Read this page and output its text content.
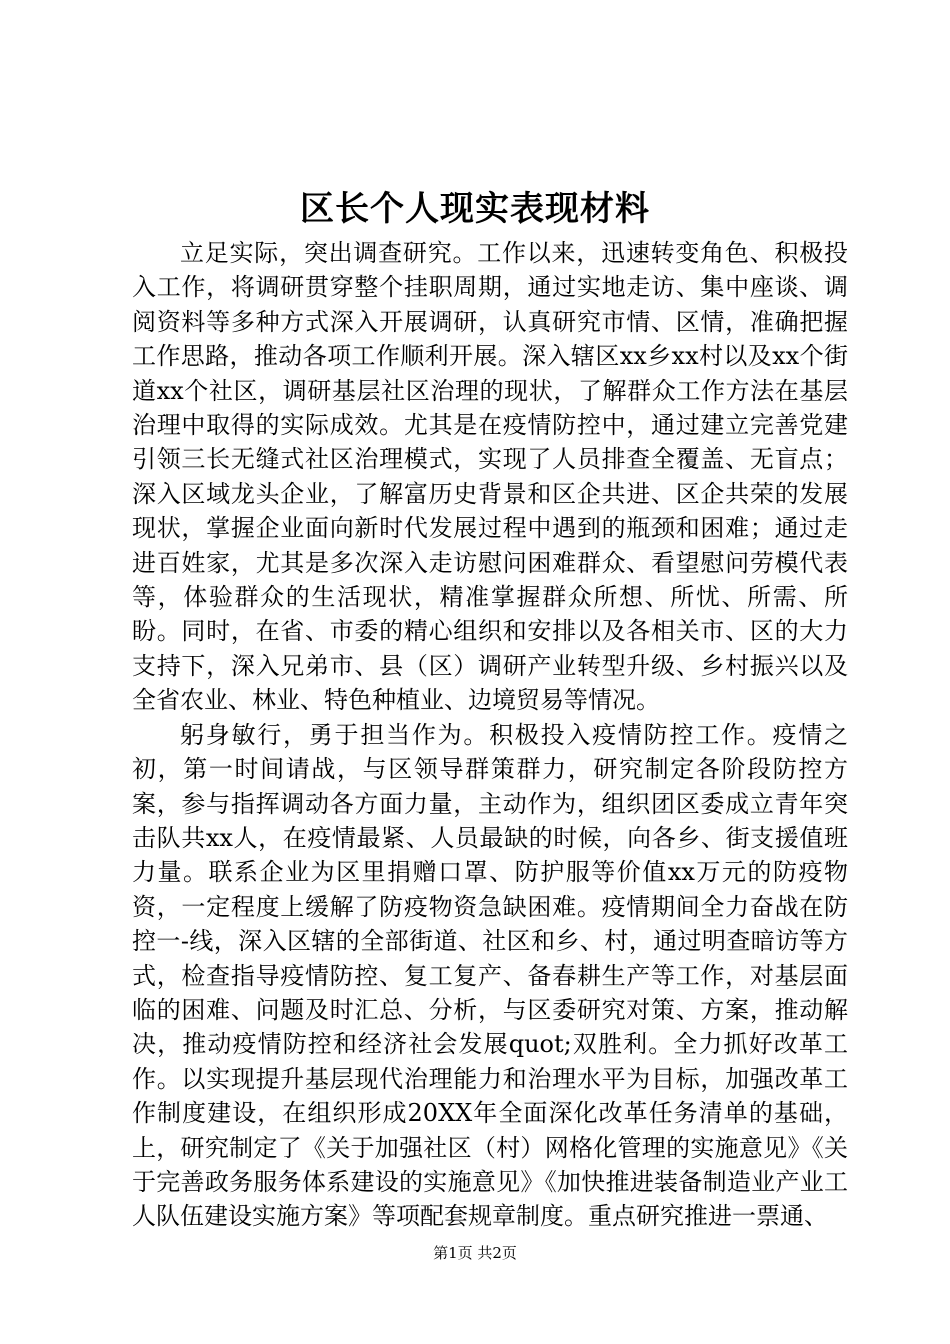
区长个人现实表现材料

立足实际，突出调查研究。工作以来，迅速转变角色、积极投入工作，将调研贯穿整个挂职周期，通过实地走访、集中座谈、调阅资料等多种方式深入开展调研，认真研究市情、区情，准确把握工作思路，推动各项工作顺利开展。深入辖区xx乡xx村以及xx个街道xx个社区，调研基层社区治理的现状，了解群众工作方法在基层治理中取得的实际成效。尤其是在疫情防控中，通过建立完善党建引领三长无缝式社区治理模式，实现了人员排查全覆盖、无盲点；深入区域龙头企业，了解富历史背景和区企共进、区企共荣的发展现状，掌握企业面向新时代发展过程中遇到的瓶颈和困难；通过走进百姓家，尤其是多次深入走访慰问困难群众、看望慰问劳模代表等，体验群众的生活现状，精准掌握群众所想、所忧、所需、所盼。同时，在省、市委的精心组织和安排以及各相关市、区的大力支持下，深入兄弟市、县（区）调研产业转型升级、乡村振兴以及全省农业、林业、特色种植业、边境贸易等情况。

躬身敏行，勇于担当作为。积极投入疫情防控工作。疫情之初，第一时间请战，与区领导群策群力，研究制定各阶段防控方案，参与指挥调动各方面力量，主动作为，组织团区委成立青年突击队共xx人，在疫情最紧、人员最缺的时候，向各乡、街支援值班力量。联系企业为区里捐赠口罩、防护服等价值xx万元的防疫物资，一定程度上缓解了防疫物资急缺困难。疫情期间全力奋战在防控一-线，深入区辖的全部街道、社区和乡、村，通过明查暗访等方式，检查指导疫情防控、复工复产、备春耕生产等工作，对基层面临的困难、问题及时汇总、分析，与区委研究对策、方案，推动解决，推动疫情防控和经济社会发展quot;双胜利。全力抓好改革工作。以实现提升基层现代治理能力和治理水平为目标，加强改革工作制度建设，在组织形成20XX年全面深化改革任务清单的基础，上，研究制定了《关于加强社区（村）网格化管理的实施意见》《关于完善政务服务体系建设的实施意见》《加快推进装备制造业产业工人队伍建设实施方案》等项配套规章制度。重点研究推进一票通、

第1页 共2页
